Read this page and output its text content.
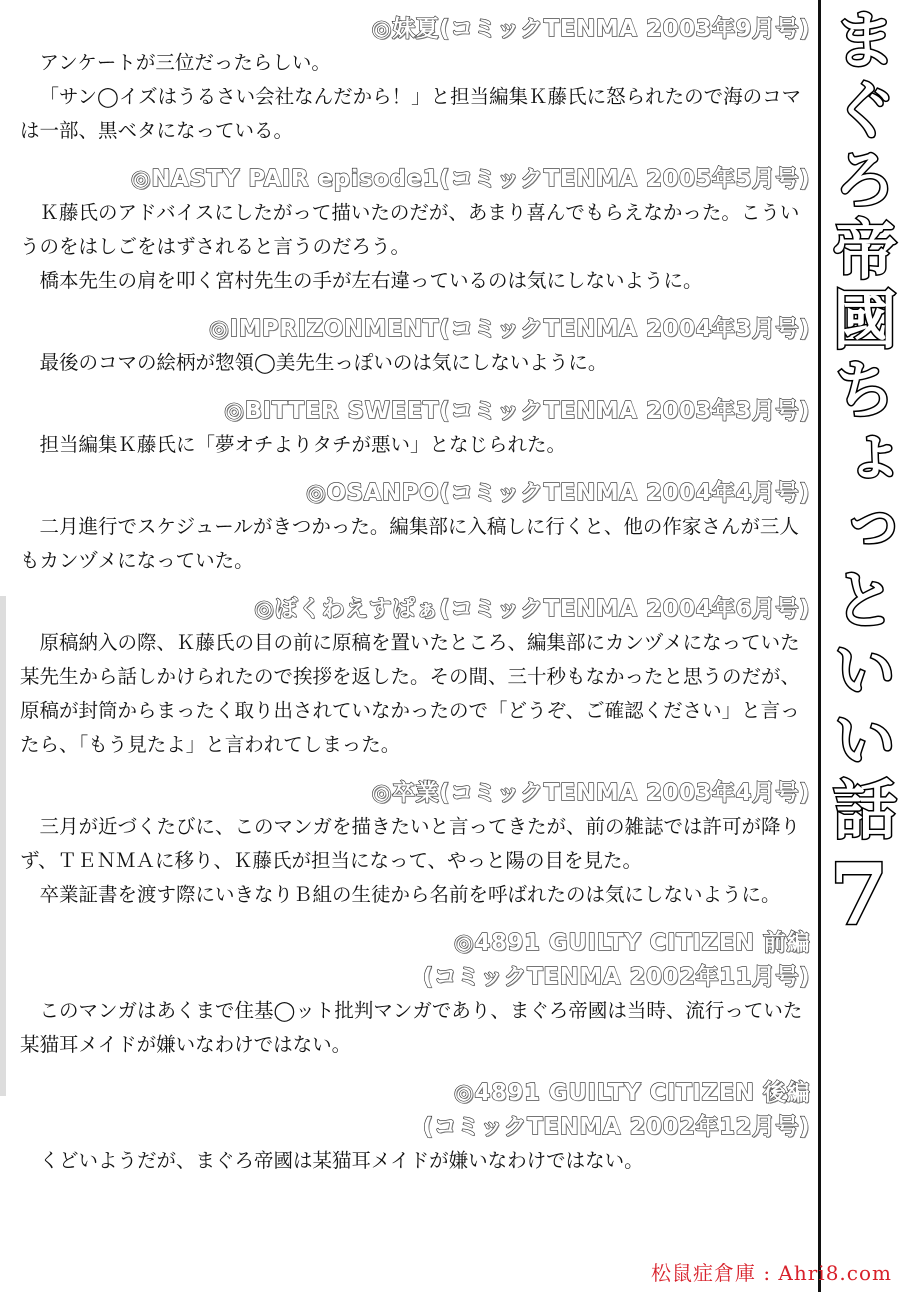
◎妹夏(コミックTENMA 2003年9月号)

アンケートが三位だったらしい。

「サン◯イズはうるさい会社なんだから！」と担当編集Ｋ藤氏に怒られたので海のコマは一部、黒ベタになっている。

◎NASTY PAIR episode1(コミックTENMA 2005年5月号)

Ｋ藤氏のアドバイスにしたがって描いたのだが、あまり喜んでもらえなかった。こういうのをはしごをはずされると言うのだろう。

橋本先生の肩を叩く宮村先生の手が左右違っているのは気にしないように。

◎IMPRIZONMENT(コミックTENMA 2004年3月号)

最後のコマの絵柄が惣領◯美先生っぽいのは気にしないように。

◎BITTER SWEET(コミックTENMA 2003年3月号)

担当編集Ｋ藤氏に「夢オチよりタチが悪い」となじられた。

◎OSANPO(コミックTENMA 2004年4月号)

二月進行でスケジュールがきつかった。編集部に入稿しに行くと、他の作家さんが三人もカンヅメになっていた。

◎ぼくわえすぱぁ(コミックTENMA 2004年6月号)

原稿納入の際、Ｋ藤氏の目の前に原稿を置いたところ、編集部にカンヅメになっていた某先生から話しかけられたので挨拶を返した。その間、三十秒もなかったと思うのだが、原稿が封筒からまったく取り出されていなかったので「どうぞ、ご確認ください」と言ったら、「もう見たよ」と言われてしまった。

◎卒業(コミックTENMA 2003年4月号)

三月が近づくたびに、このマンガを描きたいと言ってきたが、前の雑誌では許可が降りず、ＴＥＮＭＡに移り、Ｋ藤氏が担当になって、やっと陽の目を見た。

卒業証書を渡す際にいきなりＢ組の生徒から名前を呼ばれたのは気にしないように。

◎4891 GUILTY CITIZEN 前編
(コミックTENMA 2002年11月号)

このマンガはあくまで住基◯ット批判マンガであり、まぐろ帝國は当時、流行っていた某猫耳メイドが嫌いなわけではない。

◎4891 GUILTY CITIZEN 後編
(コミックTENMA 2002年12月号)

くどいようだが、まぐろ帝國は某猫耳メイドが嫌いなわけではない。

まぐろ帝國ちょっといい話
7
松鼠症倉庫 : Ahri8.com
